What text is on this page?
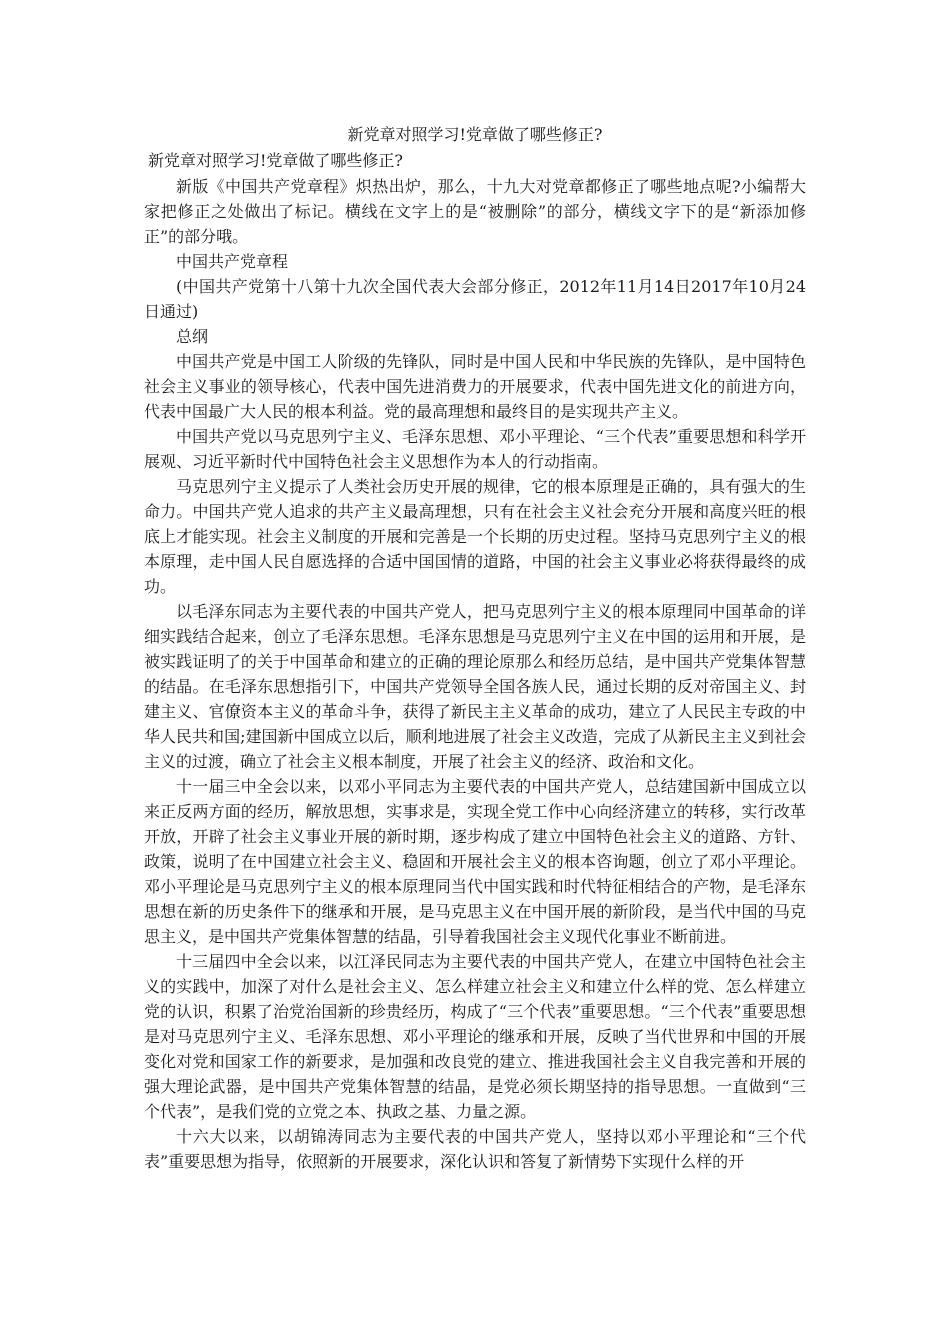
新党章对照学习!党章做了哪些修正?

新党章对照学习!党章做了哪些修正?

新版《中国共产党章程》炽热出炉，那么，十九大对党章都修正了哪些地点呢?小编帮大家把修正之处做出了标记。横线在文字上的是“被删除”的部分，横线文字下的是“新添加修正”的部分哦。

中国共产党章程

(中国共产党第十八第十九次全国代表大会部分修正，2012年11月14日2017年10月24日通过)

总纲

中国共产党是中国工人阶级的先锋队，同时是中国人民和中华民族的先锋队，是中国特色社会主义事业的领导核心，代表中国先进消费力的开展要求，代表中国先进文化的前进方向，代表中国最广大人民的根本利益。党的最高理想和最终目的是实现共产主义。

中国共产党以马克思列宁主义、毛泽东思想、邓小平理论、“三个代表”重要思想和科学开展观、习近平新时代中国特色社会主义思想作为本人的行动指南。

马克思列宁主义提示了人类社会历史开展的规律，它的根本原理是正确的，具有强大的生命力。中国共产党人追求的共产主义最高理想，只有在社会主义社会充分开展和高度兴旺的根底上才能实现。社会主义制度的开展和完善是一个长期的历史过程。坚持马克思列宁主义的根本原理，走中国人民自愿选择的合适中国国情的道路，中国的社会主义事业必将获得最终的成功。

以毛泽东同志为主要代表的中国共产党人，把马克思列宁主义的根本原理同中国革命的详细实践结合起来，创立了毛泽东思想。毛泽东思想是马克思列宁主义在中国的运用和开展，是被实践证明了的关于中国革命和建立的正确的理论原那么和经历总结，是中国共产党集体智慧的结晶。在毛泽东思想指引下，中国共产党领导全国各族人民，通过长期的反对帝国主义、封建主义、官僚资本主义的革命斗争，获得了新民主主义革命的成功，建立了人民民主专政的中华人民共和国;建国新中国成立以后，顺利地进展了社会主义改造，完成了从新民主主义到社会主义的过渡，确立了社会主义根本制度，开展了社会主义的经济、政治和文化。

十一届三中全会以来，以邓小平同志为主要代表的中国共产党人，总结建国新中国成立以来正反两方面的经历，解放思想，实事求是，实现全党工作中心向经济建立的转移，实行改革开放，开辟了社会主义事业开展的新时期，逐步构成了建立中国特色社会主义的道路、方针、政策，说明了在中国建立社会主义、稳固和开展社会主义的根本咨询题，创立了邓小平理论。邓小平理论是马克思列宁主义的根本原理同当代中国实践和时代特征相结合的产物，是毛泽东思想在新的历史条件下的继承和开展，是马克思主义在中国开展的新阶段，是当代中国的马克思主义，是中国共产党集体智慧的结晶，引导着我国社会主义现代化事业不断前进。

十三届四中全会以来，以江泽民同志为主要代表的中国共产党人，在建立中国特色社会主义的实践中，加深了对什么是社会主义、怎么样建立社会主义和建立什么样的党、怎么样建立党的认识，积累了治党治国新的珍贵经历，构成了“三个代表”重要思想。“三个代表”重要思想是对马克思列宁主义、毛泽东思想、邓小平理论的继承和开展，反映了当代世界和中国的开展变化对党和国家工作的新要求，是加强和改良党的建立、推进我国社会主义自我完善和开展的强大理论武器，是中国共产党集体智慧的结晶，是党必须长期坚持的指导思想。一直做到“三个代表”，是我们党的立党之本、执政之基、力量之源。

十六大以来，以胡锦涛同志为主要代表的中国共产党人，坚持以邓小平理论和“三个代表”重要思想为指导，依照新的开展要求，深化认识和答复了新情势下实现什么样的开
